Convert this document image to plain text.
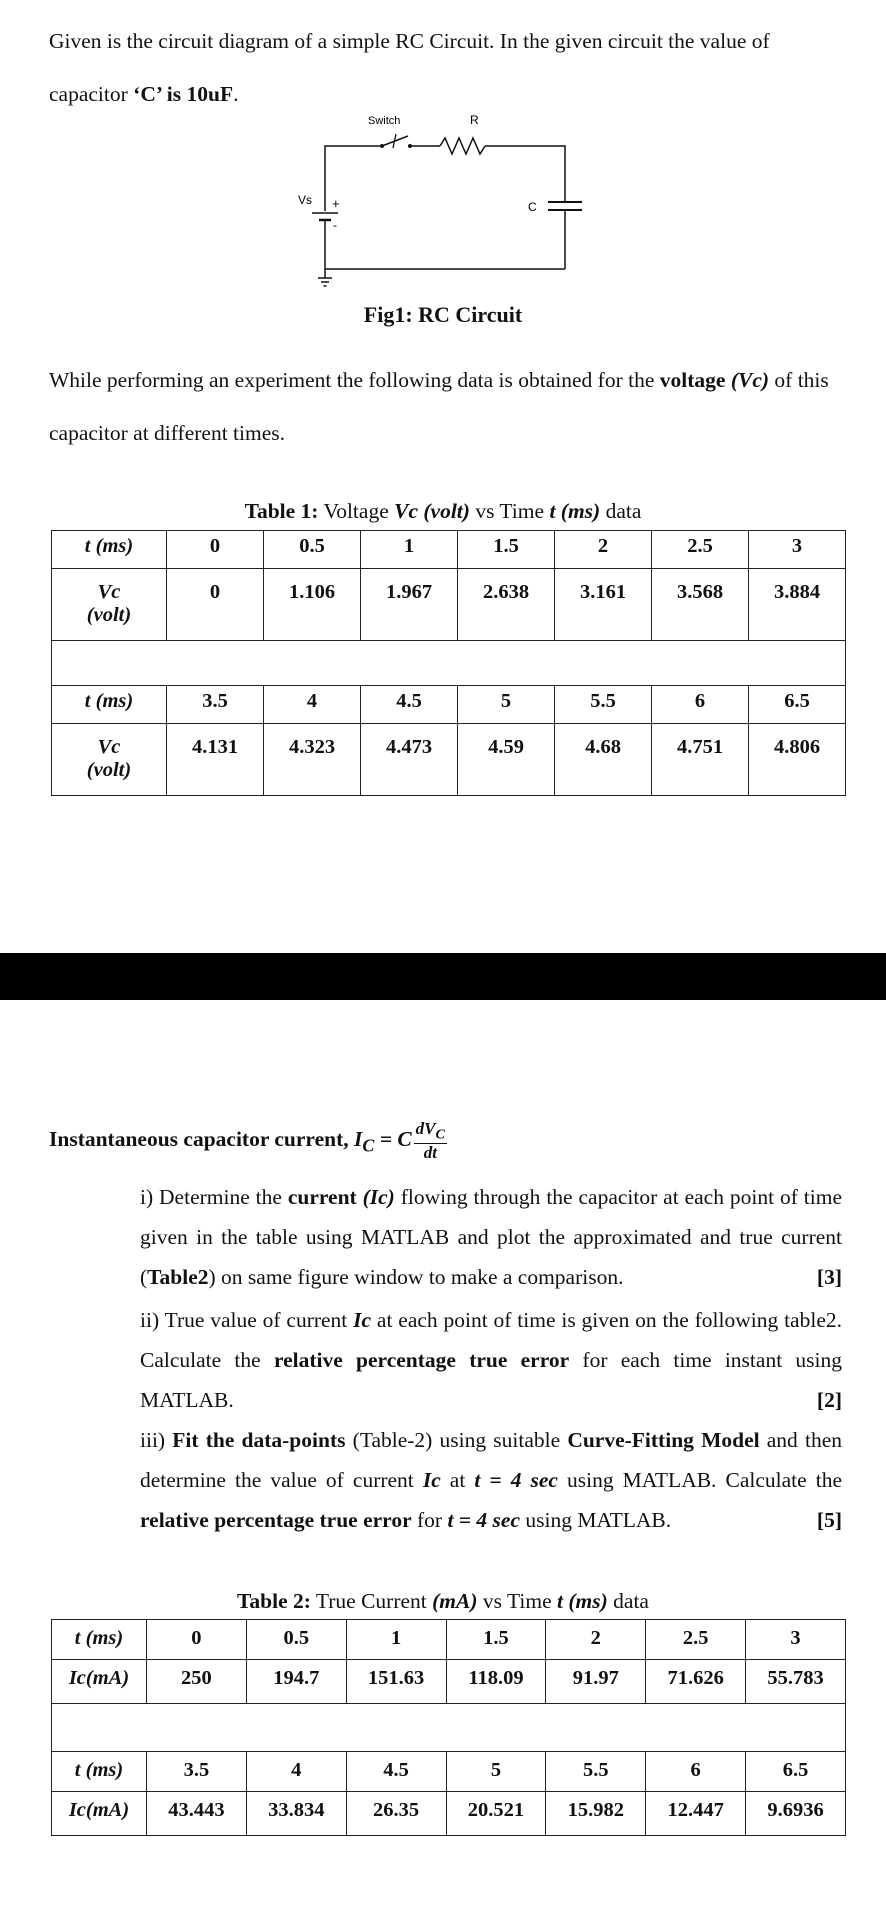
Given is the circuit diagram of a simple RC Circuit. In the given circuit the value of capacitor ‘C’ is 10uF.
Switch	R
C
Vs +
-
Fig1: RC Circuit
While performing an experiment the following data is obtained for the voltage (Vc) of this capacitor at different times.
Table 1: Voltage Vc (volt) vs Time t (ms) data
t (ms)	0	0.5	1	1.5	2	2.5	3
Vc
(volt)	0	1.106	1.967	2.638	3.161	3.568	3.884

t (ms)	3.5	4	4.5	5	5.5	6	6.5
Vc
(volt)	4.131	4.323	4.473	4.59	4.68	4.751	4.806
Instantaneous capacitor current, $I_C = C \frac{dV_C}{dt}$
i) Determine the current (Ic) flowing through the capacitor at each point of time given in the table using MATLAB and plot the approximated and true current (Table2) on same figure window to make a comparison.	[3]
ii) True value of current Ic at each point of time is given on the following table2. Calculate the relative percentage true error for each time instant using MATLAB.	[2]
iii) Fit the data-points (Table-2) using suitable Curve-Fitting Model and then determine the value of current Ic at t = 4 sec using MATLAB. Calculate the relative percentage true error for t = 4 sec using MATLAB.	[5]
Table 2: True Current (mA) vs Time t (ms) data
t (ms)	0	0.5	1	1.5	2	2.5	3
Ic(mA)	250	194.7	151.63	118.09	91.97	71.626	55.783

t (ms)	3.5	4	4.5	5	5.5	6	6.5
Ic(mA)	43.443	33.834	26.35	20.521	15.982	12.447	9.6936
